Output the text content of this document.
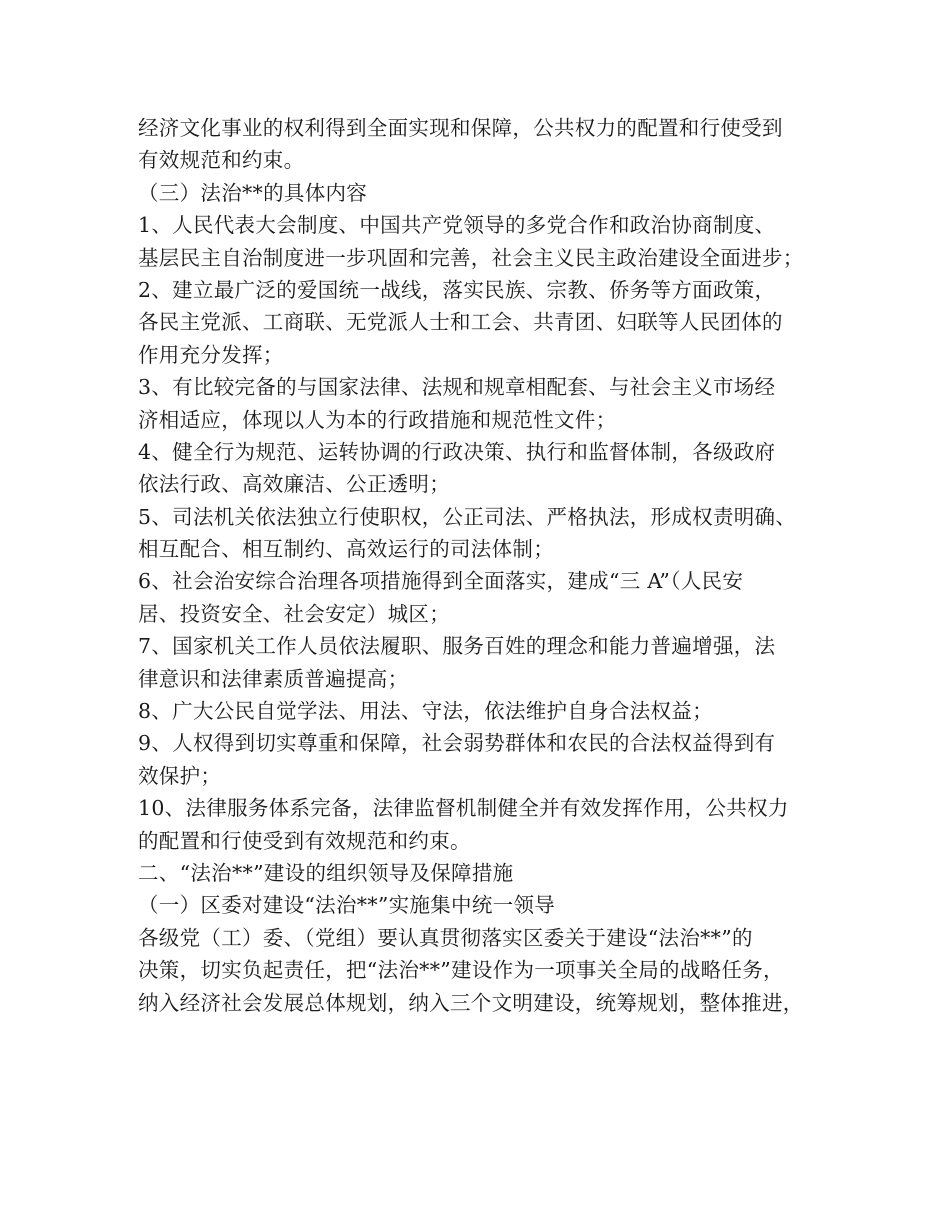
经济文化事业的权利得到全面实现和保障，公共权力的配置和行使受到
有效规范和约束。
（三）法治**的具体内容
1、人民代表大会制度、中国共产党领导的多党合作和政治协商制度、
基层民主自治制度进一步巩固和完善，社会主义民主政治建设全面进步；
2、建立最广泛的爱国统一战线，落实民族、宗教、侨务等方面政策，
各民主党派、工商联、无党派人士和工会、共青团、妇联等人民团体的
作用充分发挥；
3、有比较完备的与国家法律、法规和规章相配套、与社会主义市场经
济相适应，体现以人为本的行政措施和规范性文件；
4、健全行为规范、运转协调的行政决策、执行和监督体制，各级政府
依法行政、高效廉洁、公正透明；
5、司法机关依法独立行使职权，公正司法、严格执法，形成权责明确、
相互配合、相互制约、高效运行的司法体制；
6、社会治安综合治理各项措施得到全面落实，建成“三 A”（人民安
居、投资安全、社会安定）城区；
7、国家机关工作人员依法履职、服务百姓的理念和能力普遍增强，法
律意识和法律素质普遍提高；
8、广大公民自觉学法、用法、守法，依法维护自身合法权益；
9、人权得到切实尊重和保障，社会弱势群体和农民的合法权益得到有
效保护；
10、法律服务体系完备，法律监督机制健全并有效发挥作用，公共权力
的配置和行使受到有效规范和约束。
二、“法治**”建设的组织领导及保障措施
（一）区委对建设“法治**”实施集中统一领导
各级党（工）委、（党组）要认真贯彻落实区委关于建设“法治**”的
决策，切实负起责任，把“法治**”建设作为一项事关全局的战略任务，
纳入经济社会发展总体规划，纳入三个文明建设，统筹规划，整体推进，
